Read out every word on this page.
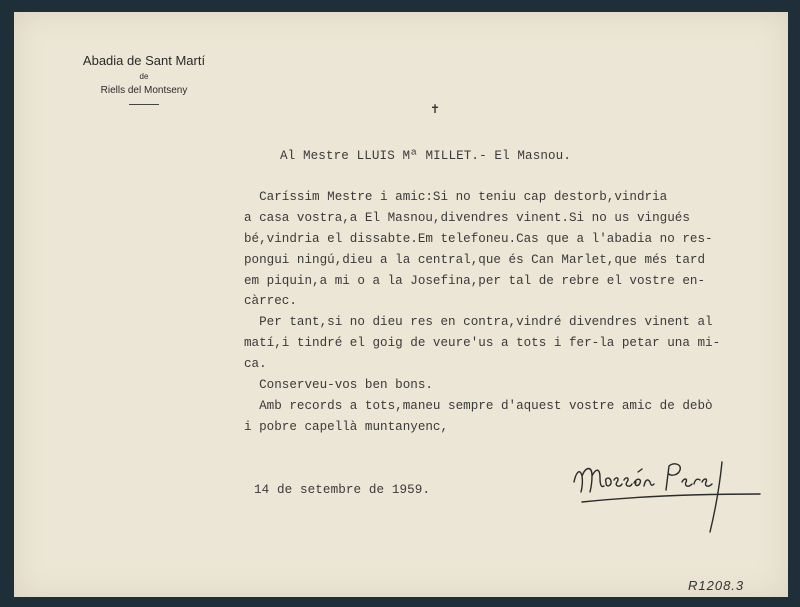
Abadia de Sant Martí
de
Riells del Montseny
✝
Al Mestre LLUIS Mª MILLET.- El Masnou.
Caríssim Mestre i amic:Si no teniu cap destorb,vindria
a casa vostra,a El Masnou,divendres vinent.Si no us vingués
bé,vindria el dissabte.Em telefoneu.Cas que a l'abadia no res-
pongui ningú,dieu a la central,que és Can Marlet,que més tard
em piquin,a mi o a la Josefina,per tal de rebre el vostre en-
càrrec.
Per tant,si no dieu res en contra,vindré divendres vinent al
matí,i tindré el goig de veure'us a tots i fer-la petar una mi-
ca.
Conserveu-vos ben bons.
Amb records a tots,maneu sempre d'aquest vostre amic de debò
i pobre capellà muntanyenc,
14 de setembre de 1959.
R1208.3
